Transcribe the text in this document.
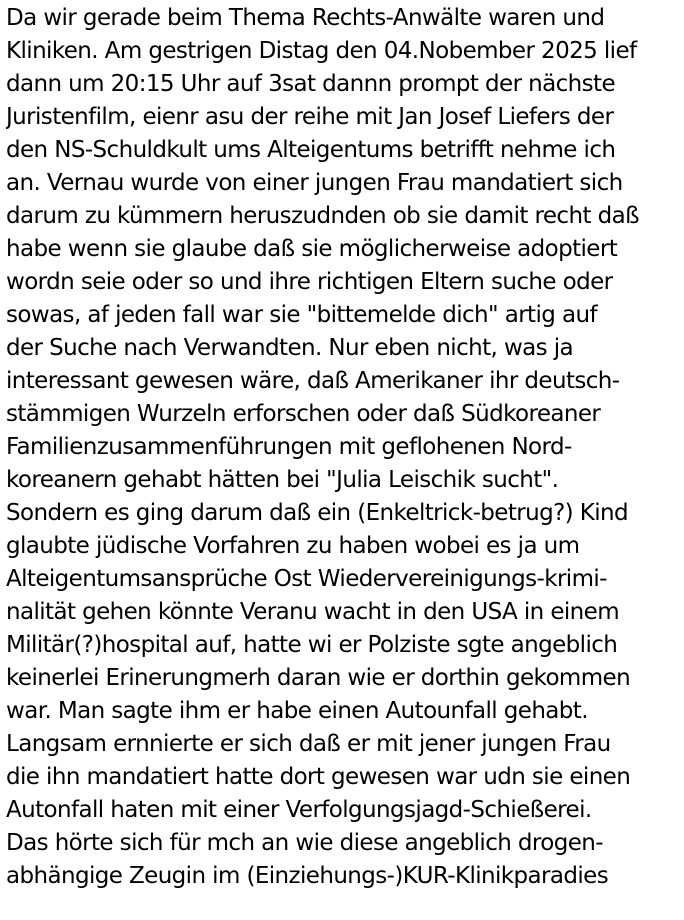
Da wir gerade beim Thema Rechts-Anwälte waren und
Kliniken. Am gestrigen Distag den 04.Nobember 2025 lief
dann um 20:15 Uhr auf 3sat dannn prompt der nächste
Juristenfilm, eienr asu der reihe mit Jan Josef Liefers der
den NS-Schuldkult ums Alteigentums betrifft nehme ich
an. Vernau wurde von einer jungen Frau mandatiert sich
darum zu kümmern heruszudnden ob sie damit recht daß
habe wenn sie glaube daß sie möglicherweise adoptiert
wordn seie oder so und ihre richtigen Eltern suche oder
sowas, af jeden fall war sie "bittemelde dich" artig auf
der Suche nach Verwandten. Nur eben nicht, was ja
interessant gewesen wäre, daß Amerikaner ihr deutsch-
stämmigen Wurzeln erforschen oder daß Südkoreaner
Familienzusammenführungen mit geflohenen Nord-
koreanern gehabt hätten bei "Julia Leischik sucht".
Sondern es ging darum daß ein (Enkeltrick-betrug?) Kind
glaubte jüdische Vorfahren zu haben wobei es ja um
Alteigentumsansprüche Ost Wiedervereinigungs-krimi-
nalität gehen könnte Veranu wacht in den USA in einem
Militär(?)hospital auf, hatte wi er Polziste sgte angeblich
keinerlei Erinerungmerh daran wie er dorthin gekommen
war. Man sagte ihm er habe einen Autounfall gehabt.
Langsam ernnierte er sich daß er mit jener jungen Frau
die ihn mandatiert hatte dort gewesen war udn sie einen
Autonfall haten mit einer Verfolgungsjagd-Schießerei.
Das hörte sich für mch an wie diese angeblich drogen-
abhängige Zeugin im (Einziehungs-)KUR-Klinikparadies
